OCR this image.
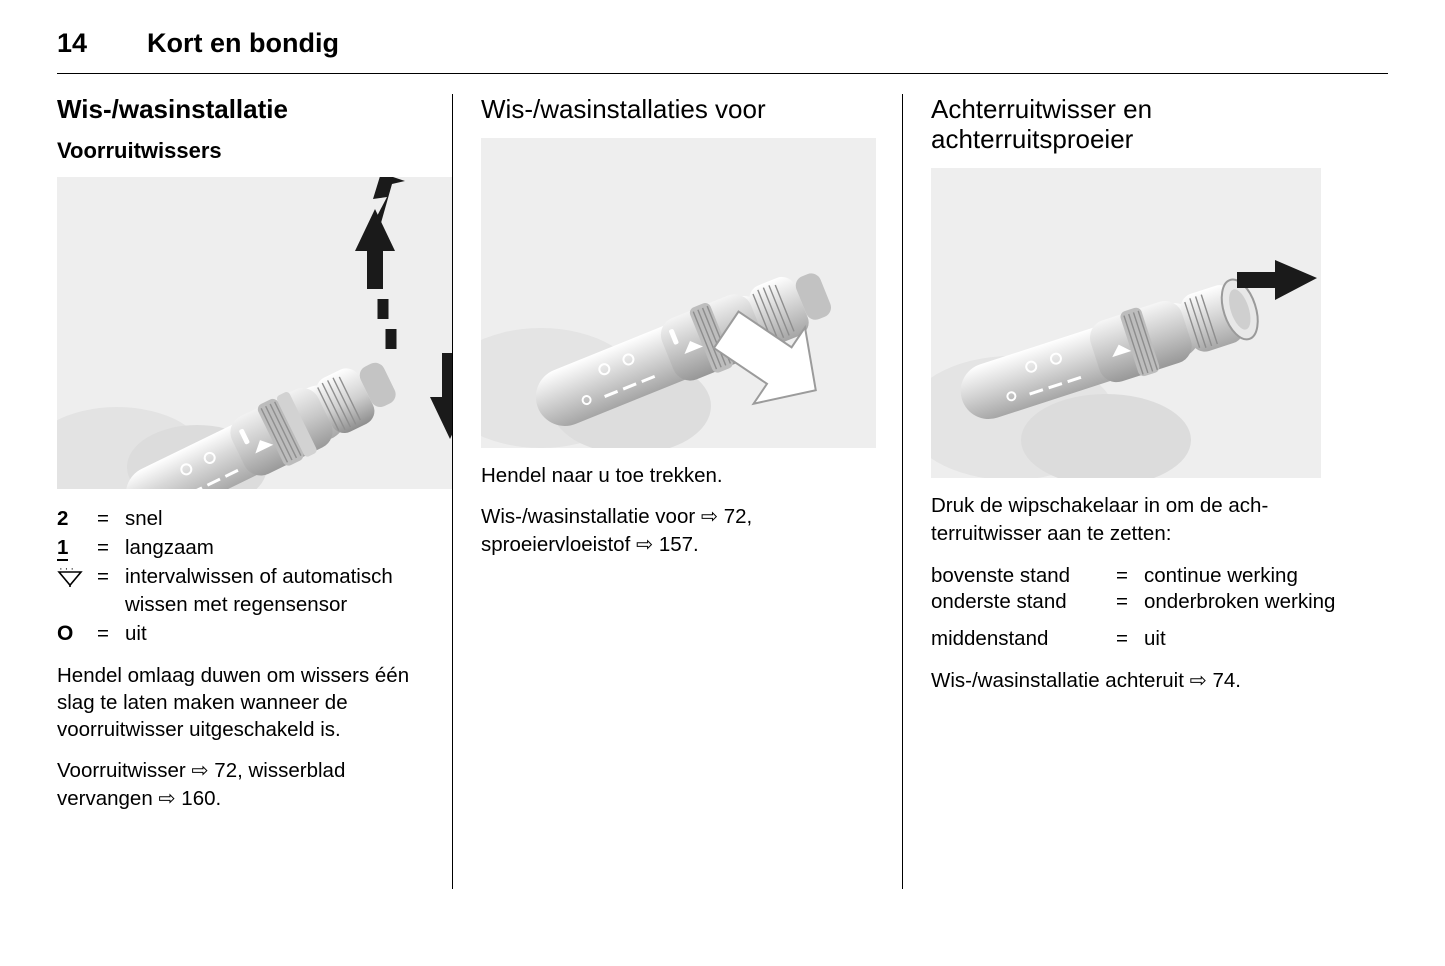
14 Kort en bondig
Wis-/wasinstallatie
Voorruitwissers
2	= snel
1	= langzaam
··· = intervalwissen of automatisch wissen met regensensor
O	= uit

Hendel omlaag duwen om wissers één slag te laten maken wanneer de voorruitwisser uitgeschakeld is.

Voorruitwisser ⇨ 72, wisserblad vervangen ⇨ 160.

Wis-/wasinstallaties voor

Hendel naar u toe trekken.

Wis-/wasinstallatie voor ⇨ 72, sproeiervloeistof ⇨ 157.

Achterruitwisser en achterruitsproeier

Druk de wipschakelaar in om de ach-terruitwisser aan te zetten:

bovenste stand	= continue werking
onderste stand	= onderbroken werking
middenstand	= uit

Wis-/wasinstallatie achteruit ⇨ 74.
